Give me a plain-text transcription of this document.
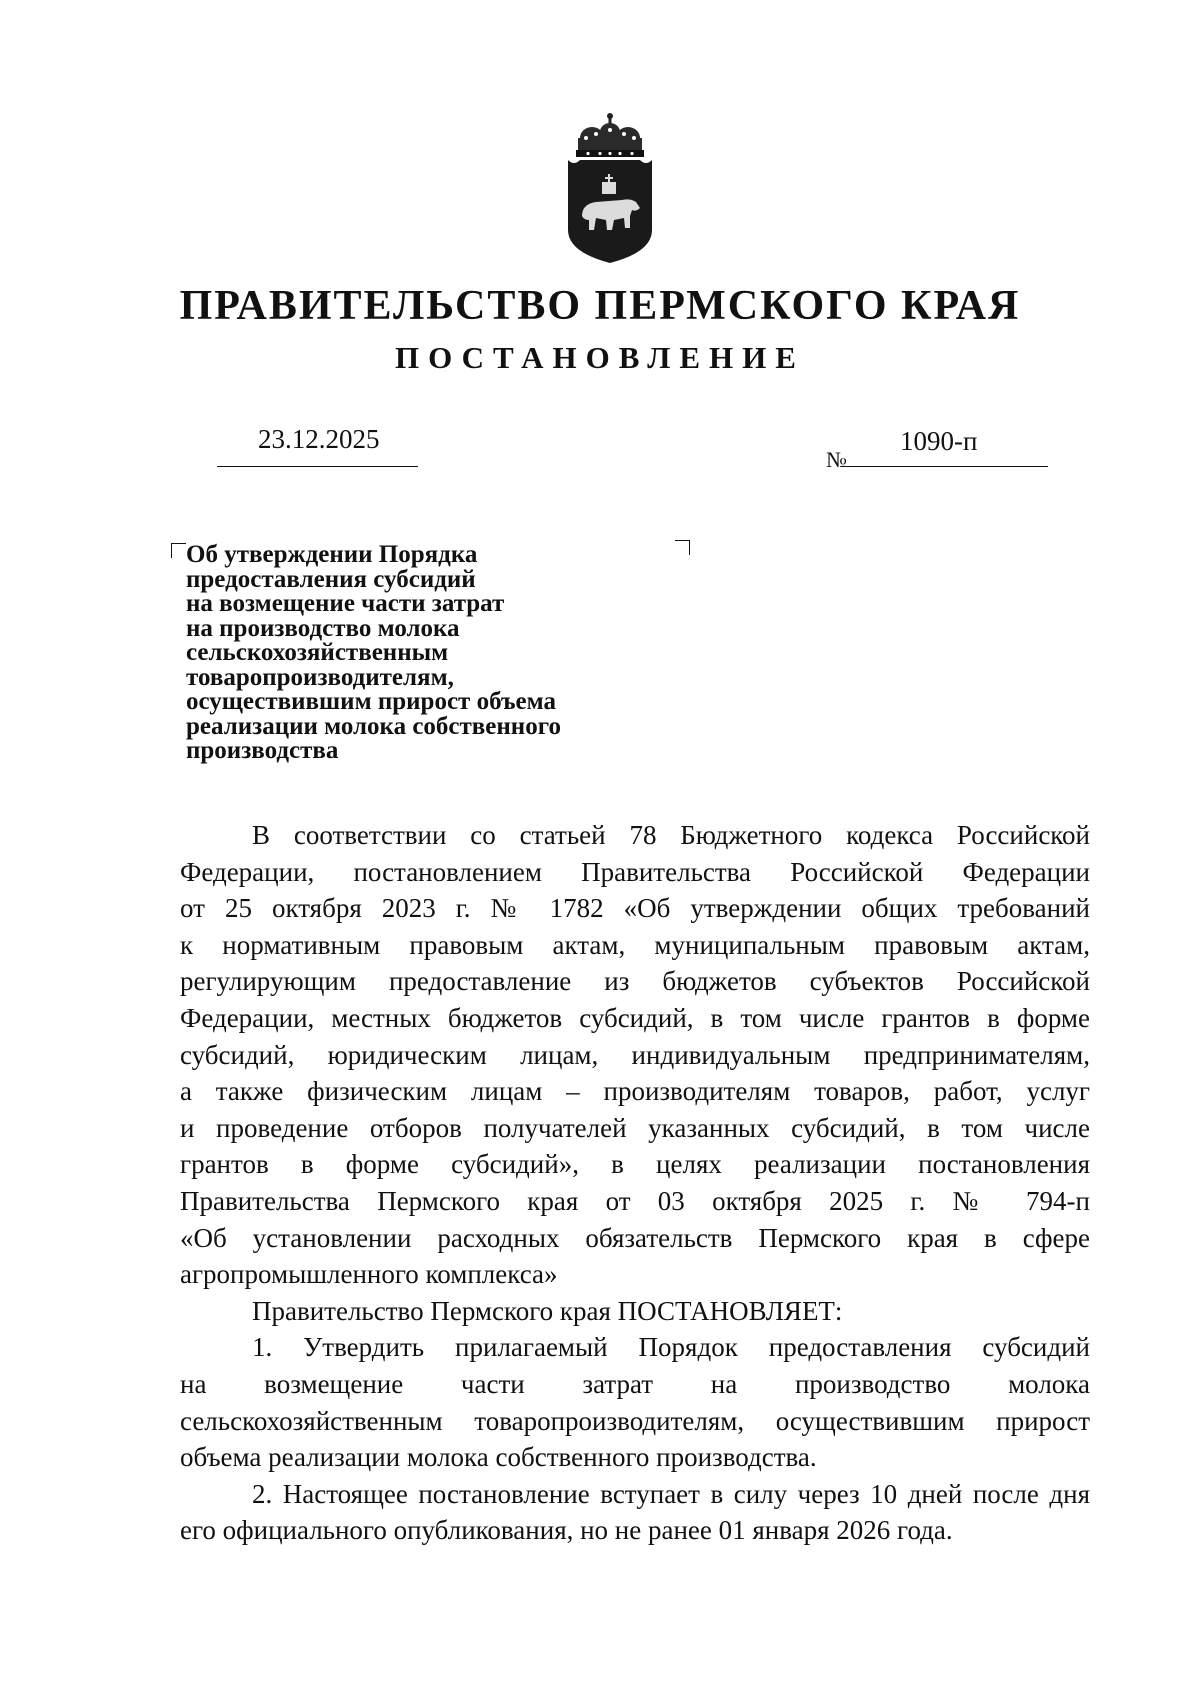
ПРАВИТЕЛЬСТВО ПЕРМСКОГО КРАЯ
ПОСТАНОВЛЕНИЕ
23.12.2025
№
1090-п
Об утверждении Порядка
предоставления субсидий
на возмещение части затрат
на производство молока
сельскохозяйственным
товаропроизводителям,
осуществившим прирост объема
реализации молока собственного
производства
В соответствии со статьей 78 Бюджетного кодекса Российской
Федерации, постановлением Правительства Российской Федерации
от 25 октября 2023 г. № 1782 «Об утверждении общих требований
к нормативным правовым актам, муниципальным правовым актам,
регулирующим предоставление из бюджетов субъектов Российской
Федерации, местных бюджетов субсидий, в том числе грантов в форме
субсидий, юридическим лицам, индивидуальным предпринимателям,
а также физическим лицам – производителям товаров, работ, услуг
и проведение отборов получателей указанных субсидий, в том числе
грантов в форме субсидий», в целях реализации постановления
Правительства Пермского края от 03 октября 2025 г. № 794-п
«Об установлении расходных обязательств Пермского края в сфере
агропромышленного комплекса»
Правительство Пермского края ПОСТАНОВЛЯЕТ:
1. Утвердить прилагаемый Порядок предоставления субсидий
на возмещение части затрат на производство молока
сельскохозяйственным товаропроизводителям, осуществившим прирост
объема реализации молока собственного производства.
2. Настоящее постановление вступает в силу через 10 дней после дня
его официального опубликования, но не ранее 01 января 2026 года.
